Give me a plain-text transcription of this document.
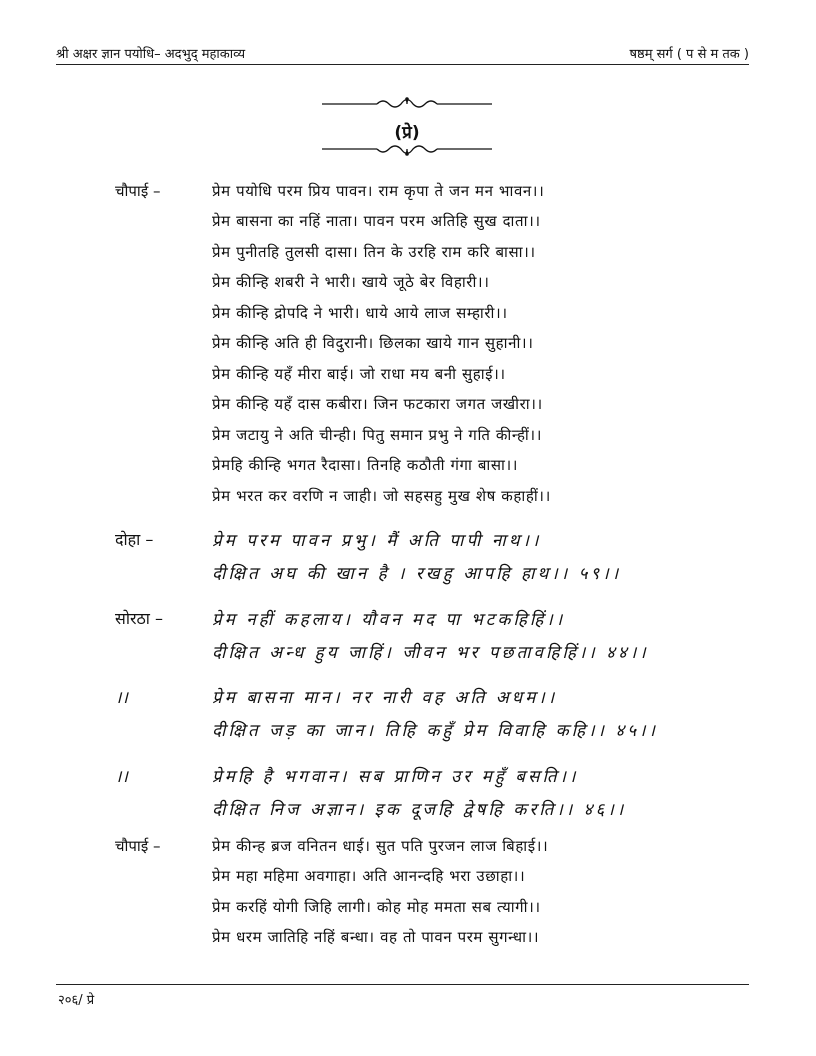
श्री अक्षर ज्ञान पयोधि– अदभुद् महाकाव्य	षष्ठम् सर्ग ( प से म तक )
(प्रे)
चौपाई –	प्रेम पयोधि परम प्रिय पावन। राम कृपा ते जन मन भावन।।
प्रेम बासना का नहिं नाता। पावन परम अतिहि सुख दाता।।
प्रेम पुनीतहि तुलसी दासा। तिन के उरहि राम करि बासा।।
प्रेम कीन्हि शबरी ने भारी। खाये जूठे बेर विहारी।।
प्रेम कीन्हि द्रोपदि ने भारी। धाये आये लाज सम्हारी।।
प्रेम कीन्हि अति ही विदुरानी। छिलका खाये गान सुहानी।।
प्रेम कीन्हि यहँ मीरा बाई। जो राधा मय बनी सुहाई।।
प्रेम कीन्हि यहँ दास कबीरा। जिन फटकारा जगत जखीरा।।
प्रेम जटायु ने अति चीन्ही। पितु समान प्रभु ने गति कीन्हीं।।
प्रेमहि कीन्हि भगत रैदासा। तिनहि कठौती गंगा बासा।।
प्रेम भरत कर वरणि न जाही। जो सहसहु मुख शेष कहाहीं।।
दोहा –	प्रेम परम पावन प्रभु। मैं अति पापी नाथ।।
दीक्षित अघ की खान है । रखहु आपहि हाथ।। ५९।।
सोरठा –	प्रेम नहीं कहलाय। यौवन मद पा भटकहिहिं।।
दीक्षित अन्ध हुय जाहिं। जीवन भर पछतावहिहिं।। ४४।।
।।	प्रेम बासना मान। नर नारी वह अति अधम।।
दीक्षित जड़ का जान। तिहि कहुँ प्रेम विवाहि कहि।। ४५।।
।।	प्रेमहि है भगवान। सब प्राणिन उर महुँ बसति।।
दीक्षित निज अज्ञान। इक दूजहि द्वेषहि करति।। ४६।।
चौपाई –	प्रेम कीन्ह ब्रज वनितन धाई। सुत पति पुरजन लाज बिहाई।।
प्रेम महा महिमा अवगाहा। अति आनन्दहि भरा उछाहा।।
प्रेम करहिं योगी जिहि लागी। कोह मोह ममता सब त्यागी।।
प्रेम धरम जातिहि नहिं बन्धा। वह तो पावन परम सुगन्धा।।
२०६/ प्रे
